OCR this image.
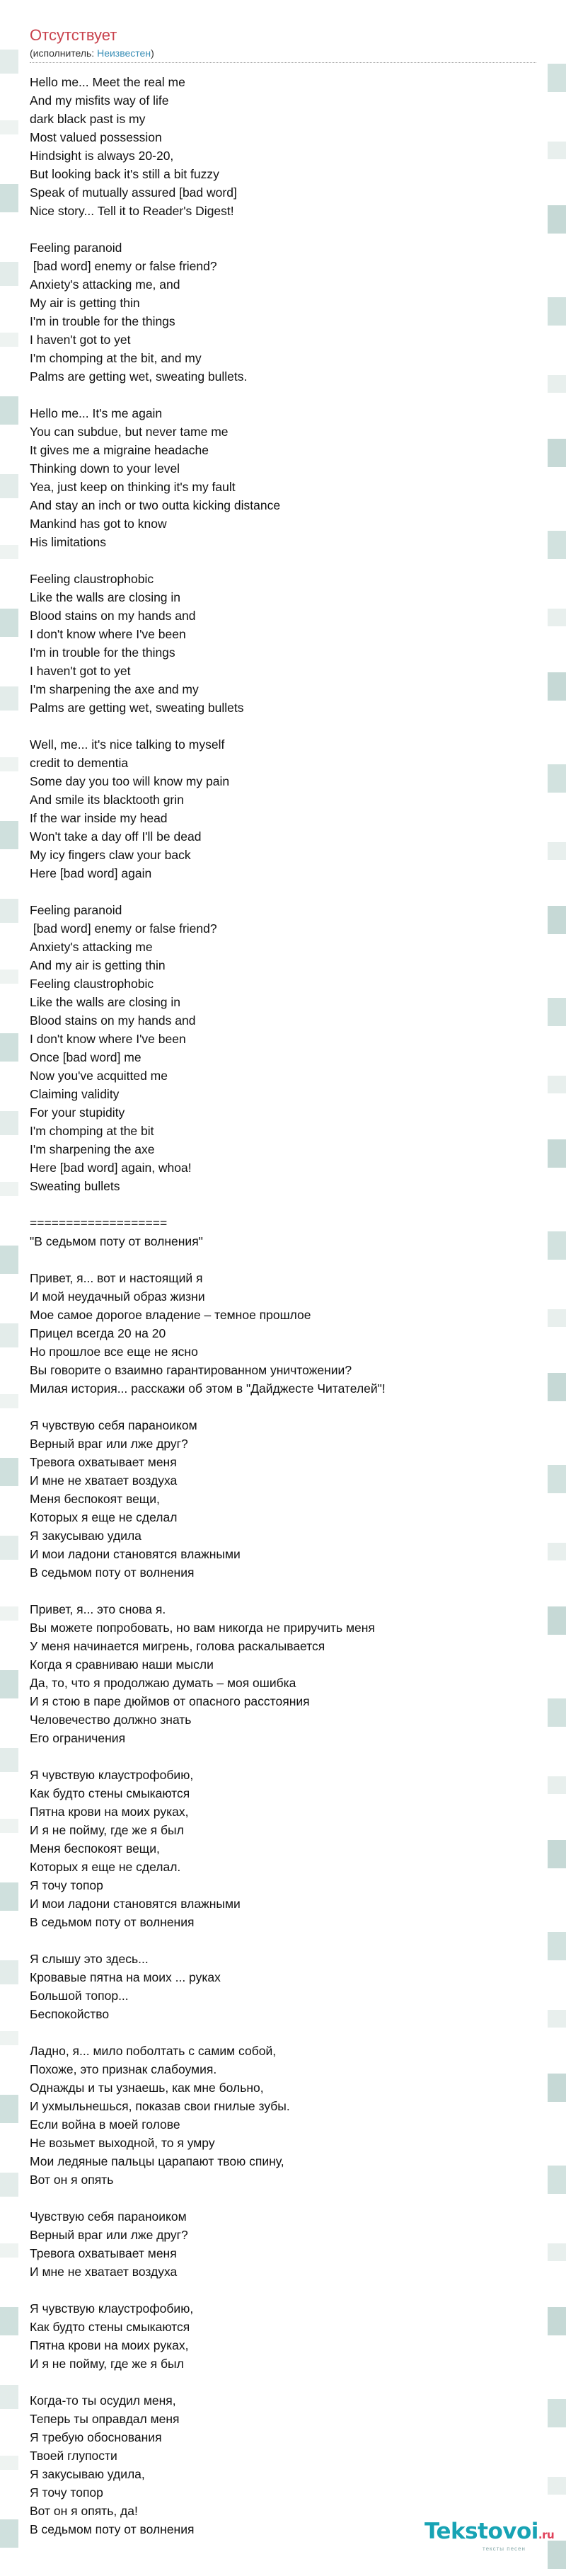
Отсутствует
(исполнитель: Неизвестен)
Hello me... Meet the real me
And my misfits way of life
dark black past is my
Most valued possession
Hindsight is always 20-20,
But looking back it's still a bit fuzzy
Speak of mutually assured [bad word]
Nice story... Tell it to Reader's Digest!

Feeling paranoid
[bad word] enemy or false friend?
Anxiety's attacking me, and
My air is getting thin
I'm in trouble for the things
I haven't got to yet
I'm chomping at the bit, and my
Palms are getting wet, sweating bullets.

Hello me... It's me again
You can subdue, but never tame me
It gives me a migraine headache
Thinking down to your level
Yea, just keep on thinking it's my fault
And stay an inch or two outta kicking distance
Mankind has got to know
His limitations

Feeling claustrophobic
Like the walls are closing in
Blood stains on my hands and
I don't know where I've been
I'm in trouble for the things
I haven't got to yet
I'm sharpening the axe and my
Palms are getting wet, sweating bullets

Well, me... it's nice talking to myself
credit to dementia
Some day you too will know my pain
And smile its blacktooth grin
If the war inside my head
Won't take a day off I'll be dead
My icy fingers claw your back
Here [bad word] again

Feeling paranoid
[bad word] enemy or false friend?
Anxiety's attacking me
And my air is getting thin
Feeling claustrophobic
Like the walls are closing in
Blood stains on my hands and
I don't know where I've been
Once [bad word] me
Now you've acquitted me
Claiming validity
For your stupidity
I'm chomping at the bit
I'm sharpening the axe
Here [bad word] again, whoa!
Sweating bullets

===================
"В седьмом поту от волнения"

Привет, я... вот и настоящий я
И мой неудачный образ жизни
Мое самое дорогое владение – темное прошлое
Прицел всегда 20 на 20
Но прошлое все еще не ясно
Вы говорите о взаимно гарантированном уничтожении?
Милая история... расскажи об этом в "Дайджесте Читателей"!

Я чувствую себя параноиком
Верный враг или лже друг?
Тревога охватывает меня
И мне не хватает воздуха
Меня беспокоят вещи,
Которых я еще не сделал
Я закусываю удила
И мои ладони становятся влажными
В седьмом поту от волнения

Привет, я... это снова я.
Вы можете попробовать, но вам никогда не приручить меня
У меня начинается мигрень, голова раскалывается
Когда я сравниваю наши мысли
Да, то, что я продолжаю думать – моя ошибка
И я стою в паре дюймов от опасного расстояния
Человечество должно знать
Его ограничения

Я чувствую клаустрофобию,
Как будто стены смыкаются
Пятна крови на моих руках,
И я не пойму, где же я был
Меня беспокоят вещи,
Которых я еще не сделал.
Я точу топор
И мои ладони становятся влажными
В седьмом поту от волнения

Я слышу это здесь...
Кровавые пятна на моих ... руках
Большой топор...
Беспокойство

Ладно, я... мило поболтать с самим собой,
Похоже, это признак слабоумия.
Однажды и ты узнаешь, как мне больно,
И ухмыльнешься, показав свои гнилые зубы.
Если война в моей голове
Не возьмет выходной, то я умру
Мои ледяные пальцы царапают твою спину,
Вот он я опять

Чувствую себя параноиком
Верный враг или лже друг?
Тревога охватывает меня
И мне не хватает воздуха

Я чувствую клаустрофобию,
Как будто стены смыкаются
Пятна крови на моих руках,
И я не пойму, где же я был

Когда-то ты осудил меня,
Теперь ты оправдал меня
Я требую обоснования
Твоей глупости
Я закусываю удила,
Я точу топор
Вот он я опять, да!
В седьмом поту от волнения	Tekstovoi.ru
тексты песен
